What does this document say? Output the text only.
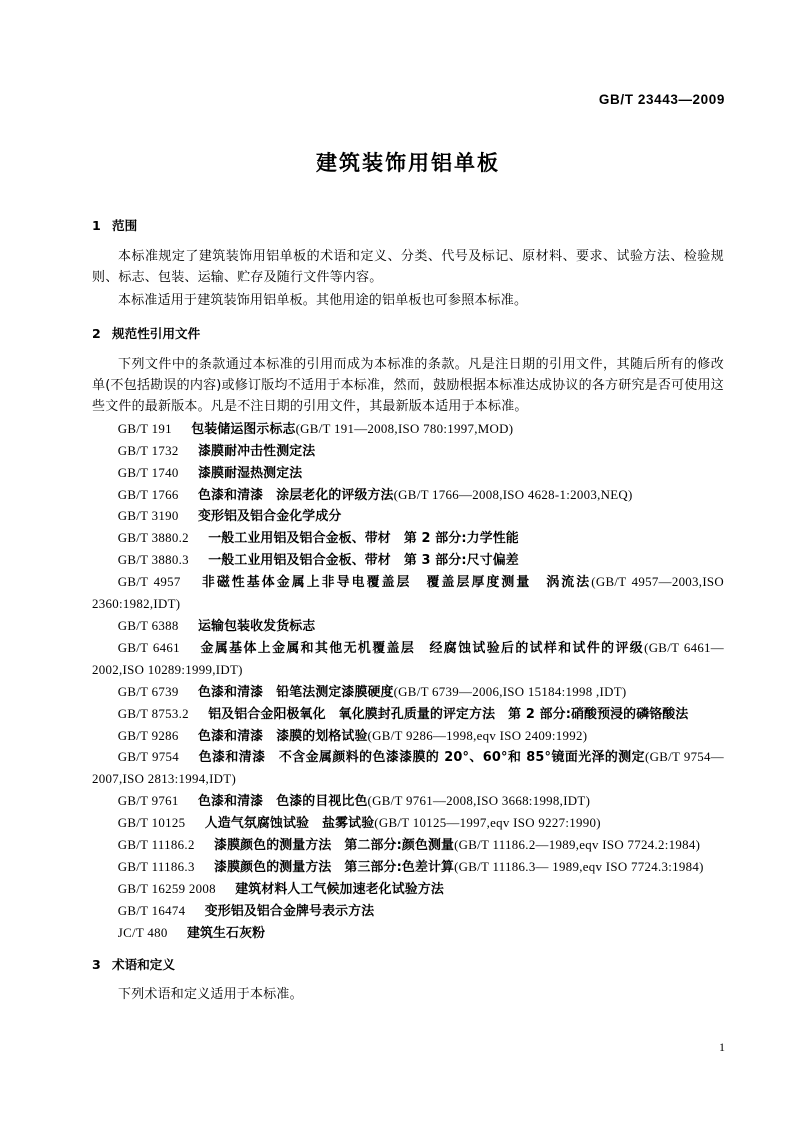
GB/T 23443—2009
建筑装饰用铝单板
1 范围

本标准规定了建筑装饰用铝单板的术语和定义、分类、代号及标记、原材料、要求、试验方法、检验规则、标志、包装、运输、贮存及随行文件等内容。

本标准适用于建筑装饰用铝单板。其他用途的铝单板也可参照本标准。

2 规范性引用文件

下列文件中的条款通过本标准的引用而成为本标准的条款。凡是注日期的引用文件，其随后所有的修改单(不包括勘误的内容)或修订版均不适用于本标准，然而，鼓励根据本标准达成协议的各方研究是否可使用这些文件的最新版本。凡是不注日期的引用文件，其最新版本适用于本标准。

GB/T 191 包装储运图示标志(GB/T 191—2008,ISO 780:1997,MOD)
GB/T 1732 漆膜耐冲击性测定法
GB/T 1740 漆膜耐湿热测定法
GB/T 1766 色漆和清漆　涂层老化的评级方法(GB/T 1766—2008,ISO 4628-1:2003,NEQ)
GB/T 3190 变形铝及铝合金化学成分
GB/T 3880.2 一般工业用铝及铝合金板、带材　第 2 部分:力学性能
GB/T 3880.3 一般工业用铝及铝合金板、带材　第 3 部分:尺寸偏差
GB/T 4957 非磁性基体金属上非导电覆盖层　覆盖层厚度测量　涡流法(GB/T 4957—2003,ISO 2360:1982,IDT)
GB/T 6388 运输包装收发货标志
GB/T 6461 金属基体上金属和其他无机覆盖层　经腐蚀试验后的试样和试件的评级(GB/T 6461—2002,ISO 10289:1999,IDT)
GB/T 6739 色漆和清漆　铅笔法测定漆膜硬度(GB/T 6739—2006,ISO 15184:1998 ,IDT)
GB/T 8753.2 铝及铝合金阳极氧化　氧化膜封孔质量的评定方法　第 2 部分:硝酸预浸的磷铬酸法
GB/T 9286 色漆和清漆　漆膜的划格试验(GB/T 9286—1998,eqv ISO 2409:1992)
GB/T 9754 色漆和清漆　不含金属颜料的色漆漆膜的 20°、60°和 85°镜面光泽的测定(GB/T 9754—2007,ISO 2813:1994,IDT)
GB/T 9761 色漆和清漆　色漆的目视比色(GB/T 9761—2008,ISO 3668:1998,IDT)
GB/T 10125 人造气氛腐蚀试验　盐雾试验(GB/T 10125—1997,eqv ISO 9227:1990)
GB/T 11186.2 漆膜颜色的测量方法　第二部分:颜色测量(GB/T 11186.2—1989,eqv ISO 7724.2:1984)
GB/T 11186.3 漆膜颜色的测量方法　第三部分:色差计算(GB/T 11186.3— 1989,eqv ISO 7724.3:1984)
GB/T 16259 2008 建筑材料人工气候加速老化试验方法
GB/T 16474 变形铝及铝合金牌号表示方法
JC/T 480 建筑生石灰粉
3 术语和定义

下列术语和定义适用于本标准。

1
